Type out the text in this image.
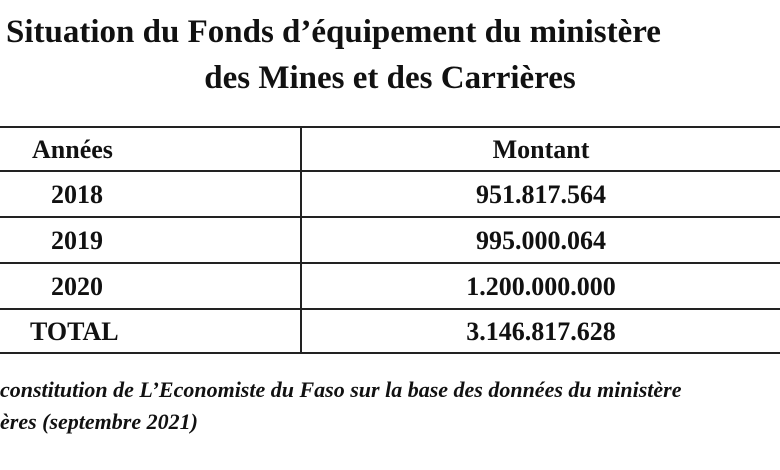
Situation du Fonds d’équipement du ministère
des Mines et des Carrières
Années	Montant
2018	951.817.564
2019	995.000.064
2020	1.200.000.000
TOTAL	3.146.817.628
constitution de L’Economiste du Faso sur la base des données du ministère
ères (septembre 2021)
